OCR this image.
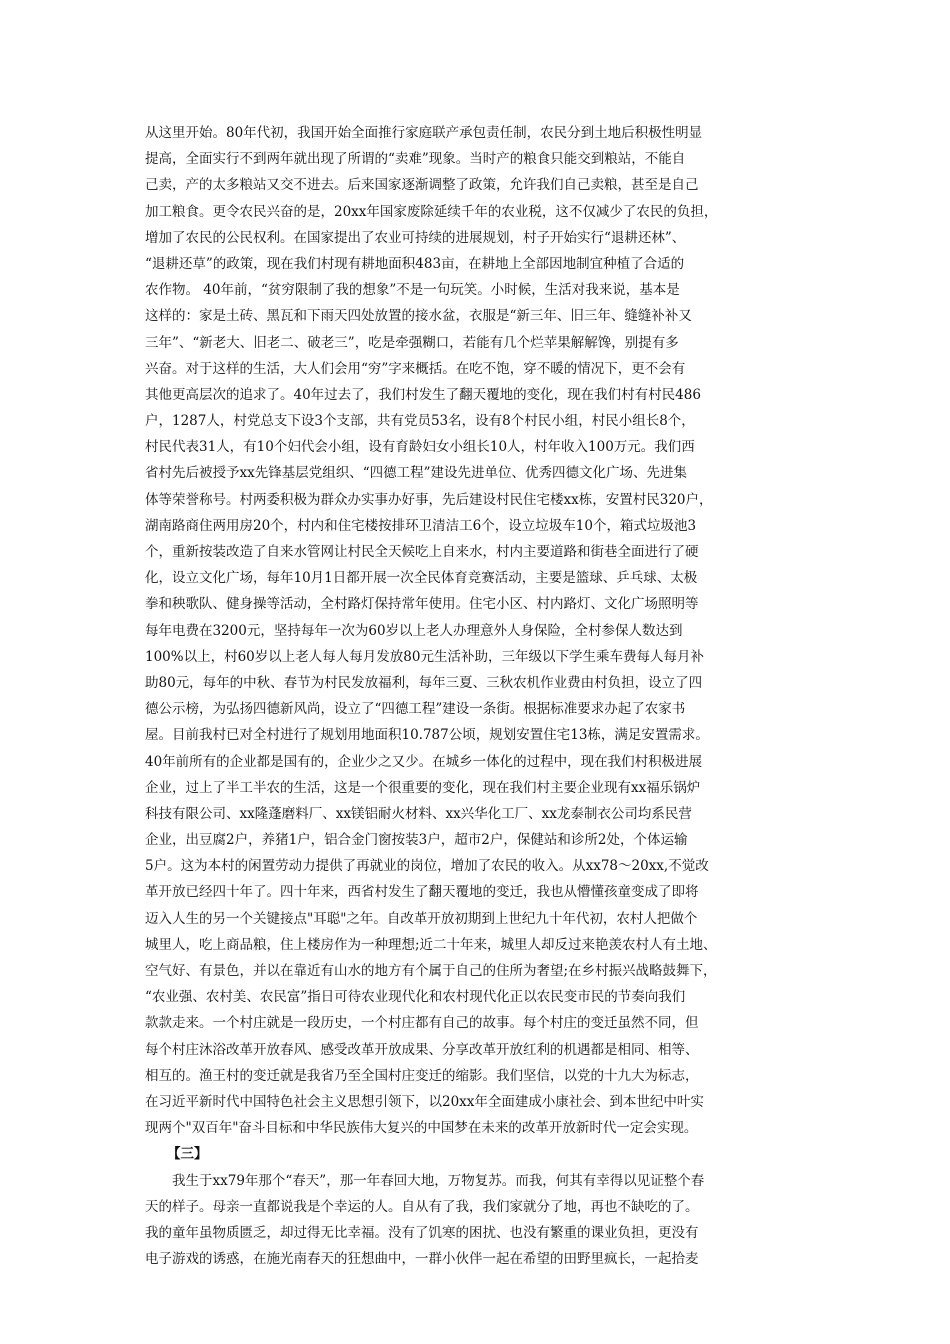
从这里开始。80年代初，我国开始全面推行家庭联产承包责任制，农民分到土地后积极性明显
提高，全面实行不到两年就出现了所谓的“卖难”现象。当时产的粮食只能交到粮站，不能自
己卖，产的太多粮站又交不进去。后来国家逐渐调整了政策，允许我们自己卖粮，甚至是自己
加工粮食。更令农民兴奋的是，20xx年国家废除延续千年的农业税，这不仅减少了农民的负担，
增加了农民的公民权利。在国家提出了农业可持续的进展规划，村子开始实行“退耕还林”、
“退耕还草”的政策，现在我们村现有耕地面积483亩，在耕地上全部因地制宜种植了合适的
农作物。 40年前，“贫穷限制了我的想象”不是一句玩笑。小时候，生活对我来说，基本是
这样的：家是土砖、黑瓦和下雨天四处放置的接水盆，衣服是“新三年、旧三年、缝缝补补又
三年”、“新老大、旧老二、破老三”，吃是牵强糊口，若能有几个烂苹果解解馋，别提有多
兴奋。对于这样的生活，大人们会用“穷”字来概括。在吃不饱，穿不暖的情况下，更不会有
其他更高层次的追求了。40年过去了，我们村发生了翻天覆地的变化，现在我们村有村民486
户，1287人，村党总支下设3个支部，共有党员53名，设有8个村民小组，村民小组长8个，
村民代表31人，有10个妇代会小组，设有育龄妇女小组长10人，村年收入100万元。我们西
省村先后被授予xx先锋基层党组织、“四德工程”建设先进单位、优秀四德文化广场、先进集
体等荣誉称号。村两委积极为群众办实事办好事，先后建设村民住宅楼xx栋，安置村民320户，
湖南路商住两用房20个，村内和住宅楼按排环卫清洁工6个，设立垃圾车10个，箱式垃圾池3
个，重新按装改造了自来水管网让村民全天候吃上自来水，村内主要道路和街巷全面进行了硬
化，设立文化广场，每年10月1日都开展一次全民体育竞赛活动，主要是篮球、乒乓球、太极
拳和秧歌队、健身操等活动，全村路灯保持常年使用。住宅小区、村内路灯、文化广场照明等
每年电费在3200元，坚持每年一次为60岁以上老人办理意外人身保险，全村参保人数达到
100%以上，村60岁以上老人每人每月发放80元生活补助，三年级以下学生乘车费每人每月补
助80元，每年的中秋、春节为村民发放福利，每年三夏、三秋农机作业费由村负担，设立了四
德公示榜，为弘扬四德新风尚，设立了“四德工程”建设一条街。根据标准要求办起了农家书
屋。目前我村已对全村进行了规划用地面积10.787公顷，规划安置住宅13栋，满足安置需求。
40年前所有的企业都是国有的，企业少之又少。在城乡一体化的过程中，现在我们村积极进展
企业，过上了半工半农的生活，这是一个很重要的变化，现在我们村主要企业现有xx福乐锅炉
科技有限公司、xx隆蓬磨料厂、xx镁铝耐火材料、xx兴华化工厂、xx龙泰制衣公司均系民营
企业，出豆腐2户，养猪1户，铝合金门窗按装3户，超市2户，保健站和诊所2处，个体运输
5户。这为本村的闲置劳动力提供了再就业的岗位，增加了农民的收入。从xx78～20xx,不觉改
革开放已经四十年了。四十年来，西省村发生了翻天覆地的变迁，我也从懵懂孩童变成了即将
迈入人生的另一个关键接点"耳聪"之年。自改革开放初期到上世纪九十年代初，农村人把做个
城里人，吃上商品粮，住上楼房作为一种理想;近二十年来，城里人却反过来艳羡农村人有土地、
空气好、有景色，并以在靠近有山水的地方有个属于自己的住所为奢望;在乡村振兴战略鼓舞下，
“农业强、农村美、农民富”指日可待农业现代化和农村现代化正以农民变市民的节奏向我们
款款走来。一个村庄就是一段历史，一个村庄都有自己的故事。每个村庄的变迁虽然不同，但
每个村庄沐浴改革开放春风、感受改革开放成果、分享改革开放红利的机遇都是相同、相等、
相互的。渔王村的变迁就是我省乃至全国村庄变迁的缩影。我们坚信，以党的十九大为标志，
在习近平新时代中国特色社会主义思想引领下，以20xx年全面建成小康社会、到本世纪中叶实
现两个"双百年"奋斗目标和中华民族伟大复兴的中国梦在未来的改革开放新时代一定会实现。
【三】
　　我生于xx79年那个“春天”，那一年春回大地，万物复苏。而我，何其有幸得以见证整个春
天的样子。母亲一直都说我是个幸运的人。自从有了我，我们家就分了地，再也不缺吃的了。
我的童年虽物质匮乏，却过得无比幸福。没有了饥寒的困扰、也没有繁重的课业负担，更没有
电子游戏的诱惑，在施光南春天的狂想曲中，一群小伙伴一起在希望的田野里疯长，一起拾麦
